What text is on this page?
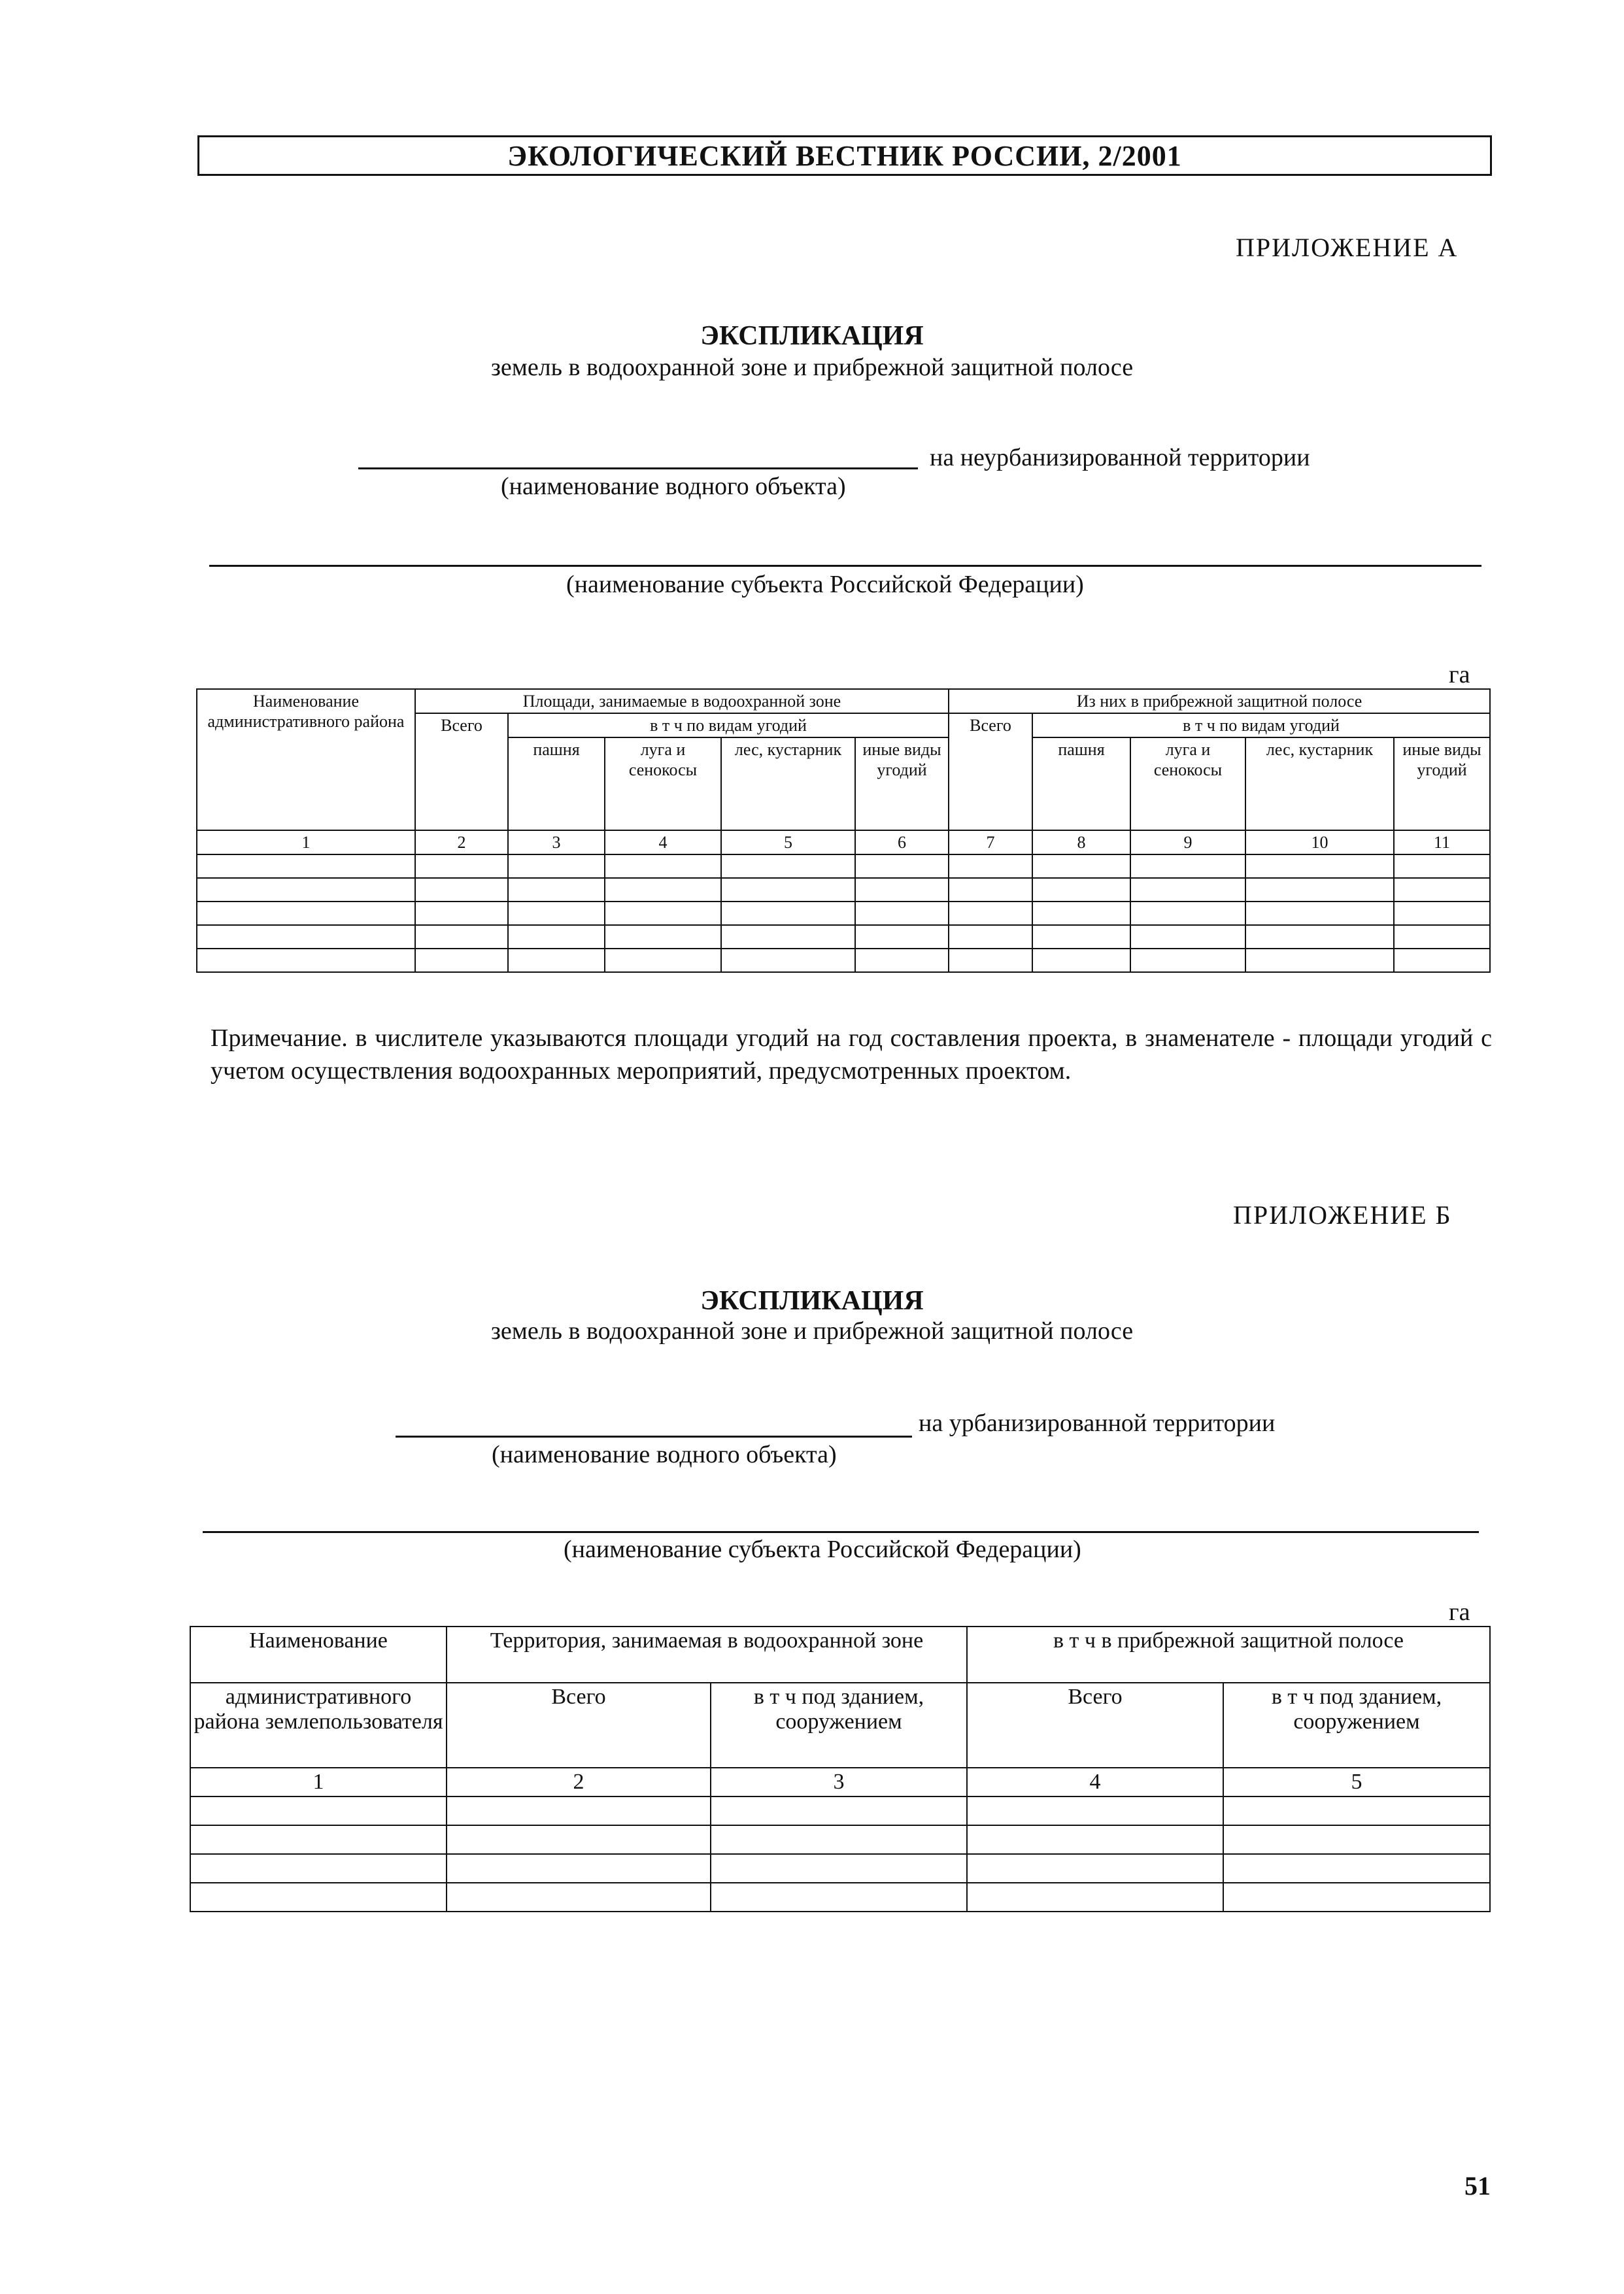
ЭКОЛОГИЧЕСКИЙ ВЕСТНИК РОССИИ, 2/2001
ПРИЛОЖЕНИЕ А
ЭКСПЛИКАЦИЯ
земель в водоохранной зоне и прибрежной защитной полосе
на неурбанизированной территории
(наименование водного объекта)
(наименование субъекта Российской Федерации)
га
Наименование административного района	Площади, занимаемые в водоохранной зоне					Из них в прибрежной защитной полосе				
	Всего	в т ч по видам угодий				Всего	в т ч по видам угодий			
		пашня	луга и сенокосы	лес, кустарник	иные виды угодий		пашня	луга и сенокосы	лес, кустарник	иные виды угодий
1	2	3	4	5	6	7	8	9	10	11

Примечание. в числителе указываются площади угодий на год составления проекта, в знаменателе - площади угодий с учетом осуществления водоохранных мероприятий, предусмотренных проектом.
ПРИЛОЖЕНИЕ Б
ЭКСПЛИКАЦИЯ
земель в водоохранной зоне и прибрежной защитной полосе
на урбанизированной территории
(наименование водного объекта)
(наименование субъекта Российской Федерации)
га
Наименование	Территория, занимаемая в водоохранной зоне		в т ч в прибрежной защитной полосе	
административного района землепользователя	Всего	в т ч под зданием, сооружением	Всего	в т ч под зданием, сооружением
1	2	3	4	5

51
